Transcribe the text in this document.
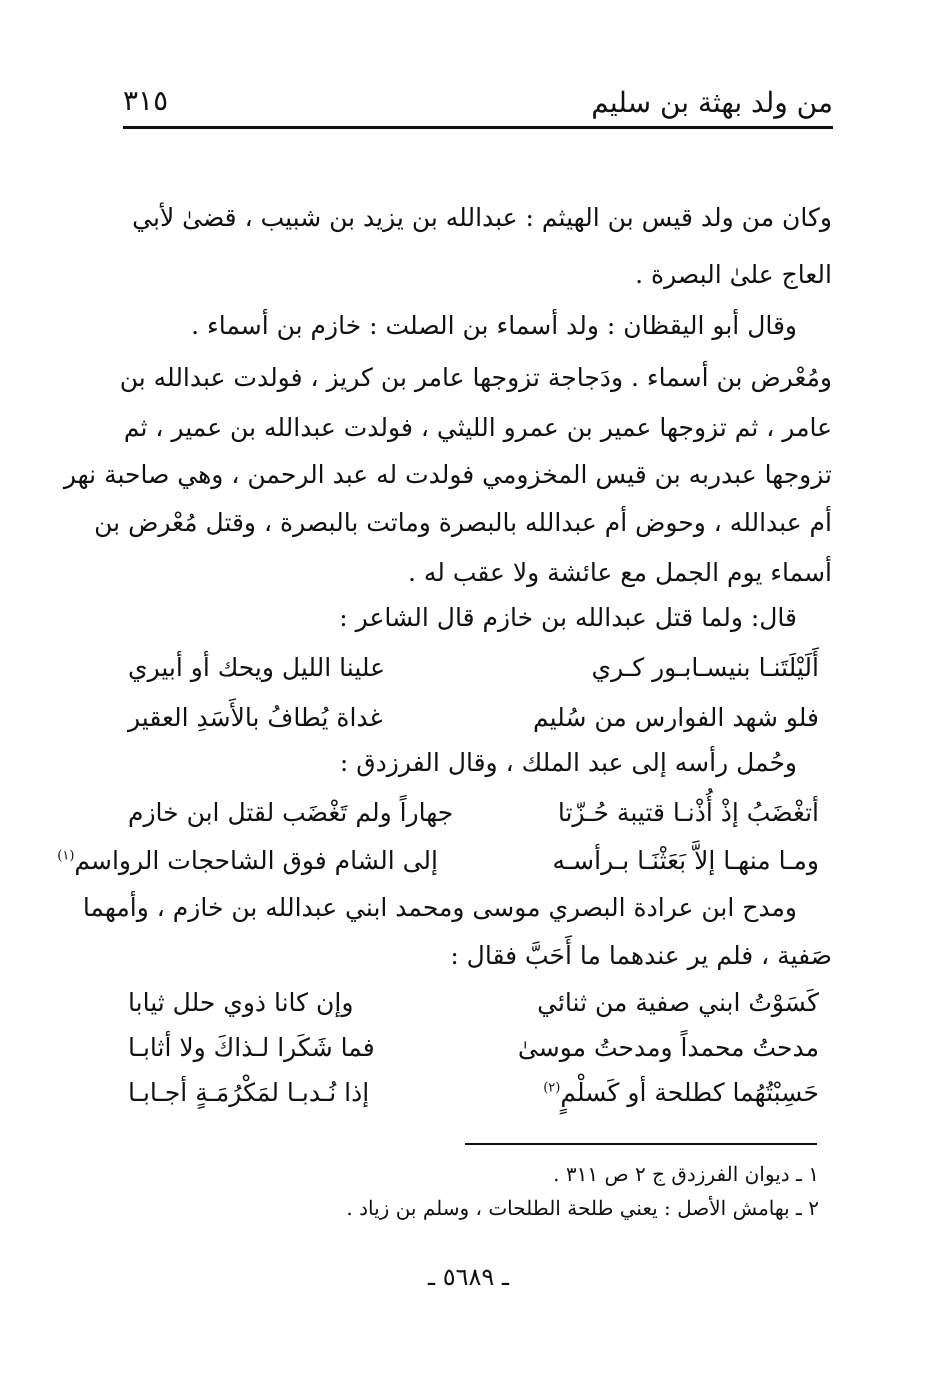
من ولد بهثة بن سليم
٣١٥
وكان من ولد قيس بن الهيثم : عبدالله بن يزيد بن شبيب ، قضىٰ لأبي
العاج علىٰ البصرة .
وقال أبو اليقظان : ولد أسماء بن الصلت : خازم بن أسماء .
ومُعْرض بن أسماء . ودَجاجة تزوجها عامر بن كريز ، فولدت عبدالله بن
عامر ، ثم تزوجها عمير بن عمرو الليثي ، فولدت عبدالله بن عمير ، ثم
تزوجها عبدربه بن قيس المخزومي فولدت له عبد الرحمن ، وهي صاحبة نهر
أم عبدالله ، وحوض أم عبدالله بالبصرة وماتت بالبصرة ، وقتل مُعْرض بن
أسماء يوم الجمل مع عائشة ولا عقب له .
قال: ولما قتل عبدالله بن خازم قال الشاعر :
أَلَيْلَتَنـا بنيسـابـور كـري
علينا الليل ويحك أو أبيري
فلو شهد الفوارس من سُليم
غداة يُطافُ بالأَسَدِ العقير
وحُمل رأسه إلى عبد الملك ، وقال الفرزدق :
أتغْضَبُ إذْ أُذْنـا قتيبة حُـزّتا
جهاراً ولم تَغْضَب لقتل ابن خازم
ومـا منهـا إلاَّ بَعَثْنَـا بـرأسـه
إلى الشام فوق الشاحجات الرواسم$^{(١)}$
ومدح ابن عرادة البصري موسى ومحمد ابني عبدالله بن خازم ، وأمهما
صَفية ، فلم ير عندهما ما أَحَبَّ فقال :
كَسَوْتُ ابني صفية من ثنائي
وإن كانا ذوي حلل ثيابا
مدحتُ محمداً ومدحتُ موسىٰ
فما شَكَرا لـذاكَ ولا أثابـا
حَسِبْتُهُما كطلحة أو كَسلْمٍ$^{(٢)}$
إذا نُـدبـا لمَكْرُمَـةٍ أجـابـا
١ ـ ديوان الفرزدق ج ٢ ص ٣١١ .
٢ ـ بهامش الأصل : يعني طلحة الطلحات ، وسلم بن زياد .
ـ ٥٦٨٩ ـ
